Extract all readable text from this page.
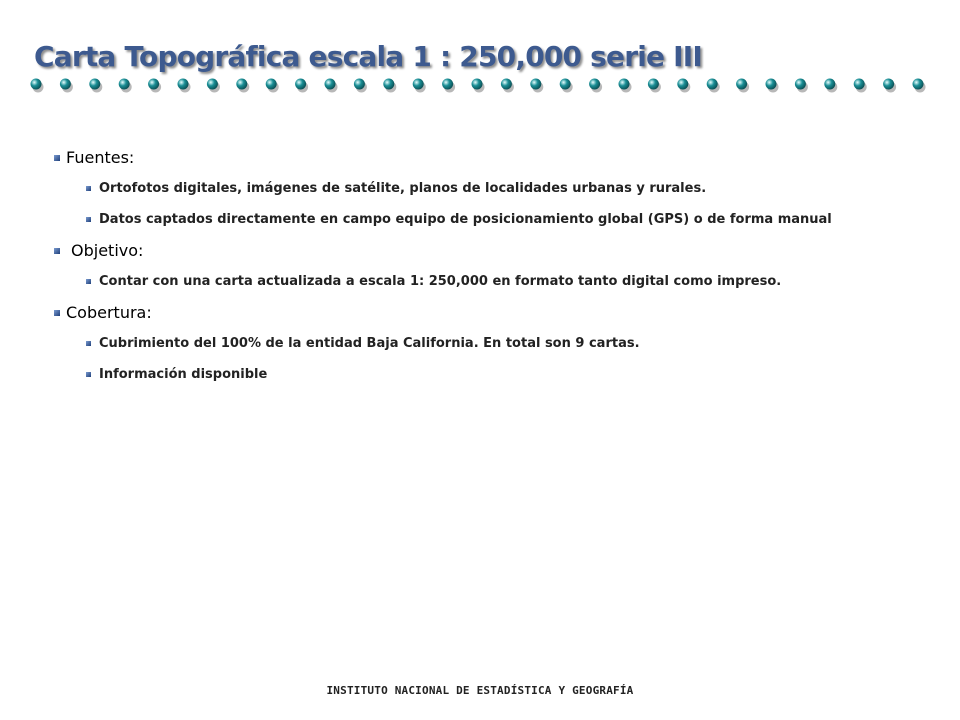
Carta Topográfica escala 1 : 250,000 serie III
Fuentes:
Ortofotos digitales, imágenes de satélite, planos de localidades urbanas y rurales.
Datos captados directamente en campo equipo de posicionamiento global (GPS) o de forma manual
Objetivo:
Contar con una carta actualizada a escala 1: 250,000 en formato tanto digital como impreso.
Cobertura:
Cubrimiento del 100% de la entidad Baja California. En total son 9 cartas.
Información disponible
INSTITUTO NACIONAL DE ESTADÍSTICA Y GEOGRAFÍA
